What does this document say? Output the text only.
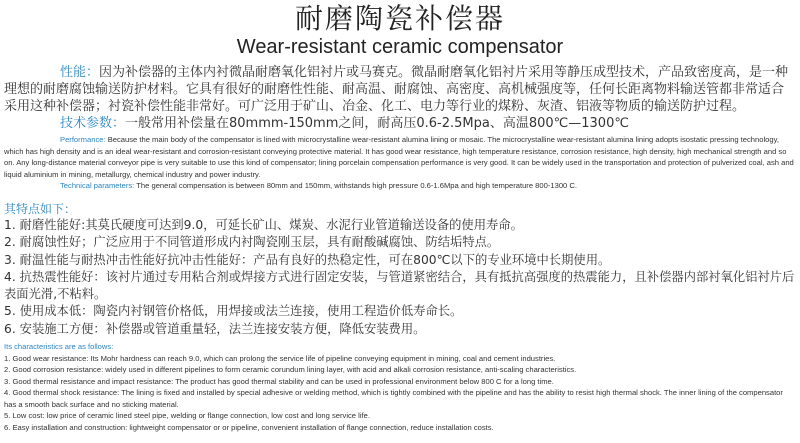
耐磨陶瓷补偿器
Wear-resistant ceramic compensator

性能：因为补偿器的主体内衬微晶耐磨氧化铝衬片或马赛克。微晶耐磨氧化铝衬片采用等静压成型技术，产品致密度高，是一种理想的耐磨腐蚀输送防护材料。它具有很好的耐磨性性能、耐高温、耐腐蚀、高密度、高机械强度等，任何长距离物料输送管都非常适合采用这种补偿器；衬瓷补偿性能非常好。可广泛用于矿山、冶金、化工、电力等行业的煤粉、灰渣、铝液等物质的输送防护过程。

技术参数：一般常用补偿量在80mmm-150mm之间，耐高压0.6-2.5Mpa、高温800℃—1300℃

Performance: Because the main body of the compensator is lined with microcrystalline wear-resistant alumina lining or mosaic. The microcrystalline wear-resistant alumina lining adopts isostatic pressing technology, which has high density and is an ideal wear-resistant and corrosion-resistant conveying protective material. It has good wear resistance, high temperature resistance, corrosion resistance, high density, high mechanical strength and so on. Any long-distance material conveyor pipe is very suitable to use this kind of compensator; lining porcelain compensation performance is very good. It can be widely used in the transportation and protection of pulverized coal, ash and liquid aluminium in mining, metallurgy, chemical industry and power industry.

Technical parameters: The general compensation is between 80mm and 150mm, withstands high pressure 0.6-1.6Mpa and high temperature 800-1300 C.

其特点如下：
1. 耐磨性能好:其莫氏硬度可达到9.0，可延长矿山、煤炭、水泥行业管道输送设备的使用寿命。
2. 耐腐蚀性好；广泛应用于不同管道形成内衬陶瓷刚玉层，具有耐酸碱腐蚀、防结垢特点。
3. 耐温性能与耐热冲击性能好抗冲击性能好：产品有良好的热稳定性，可在800℃以下的专业环境中长期使用。
4. 抗热震性能好：该衬片通过专用粘合剂或焊接方式进行固定安装，与管道紧密结合，具有抵抗高强度的热震能力，且补偿器内部衬氧化铝衬片后表面光滑,不粘料。
5. 使用成本低：陶瓷内衬钢管价格低，用焊接或法兰连接，使用工程造价低寿命长。
6. 安装施工方便：补偿器或管道重量轻，法兰连接安装方便，降低安装费用。
Its characteristics are as follows:
1. Good wear resistance: Its Mohr hardness can reach 9.0, which can prolong the service life of pipeline conveying equipment in mining, coal and cement industries.
2. Good corrosion resistance: widely used in different pipelines to form ceramic corundum lining layer, with acid and alkali corrosion resistance, anti-scaling characteristics.
3. Good thermal resistance and impact resistance: The product has good thermal stability and can be used in professional environment below 800 C for a long time.
4. Good thermal shock resistance: The lining is fixed and installed by special adhesive or welding method, which is tightly combined with the pipeline and has the ability to resist high thermal shock. The inner lining of the compensator has a smooth back surface and no sticking material.
5. Low cost: low price of ceramic lined steel pipe, welding or flange connection, low cost and long service life.
6. Easy installation and construction: lightweight compensator or or pipeline, convenient installation of flange connection, reduce installation costs.
